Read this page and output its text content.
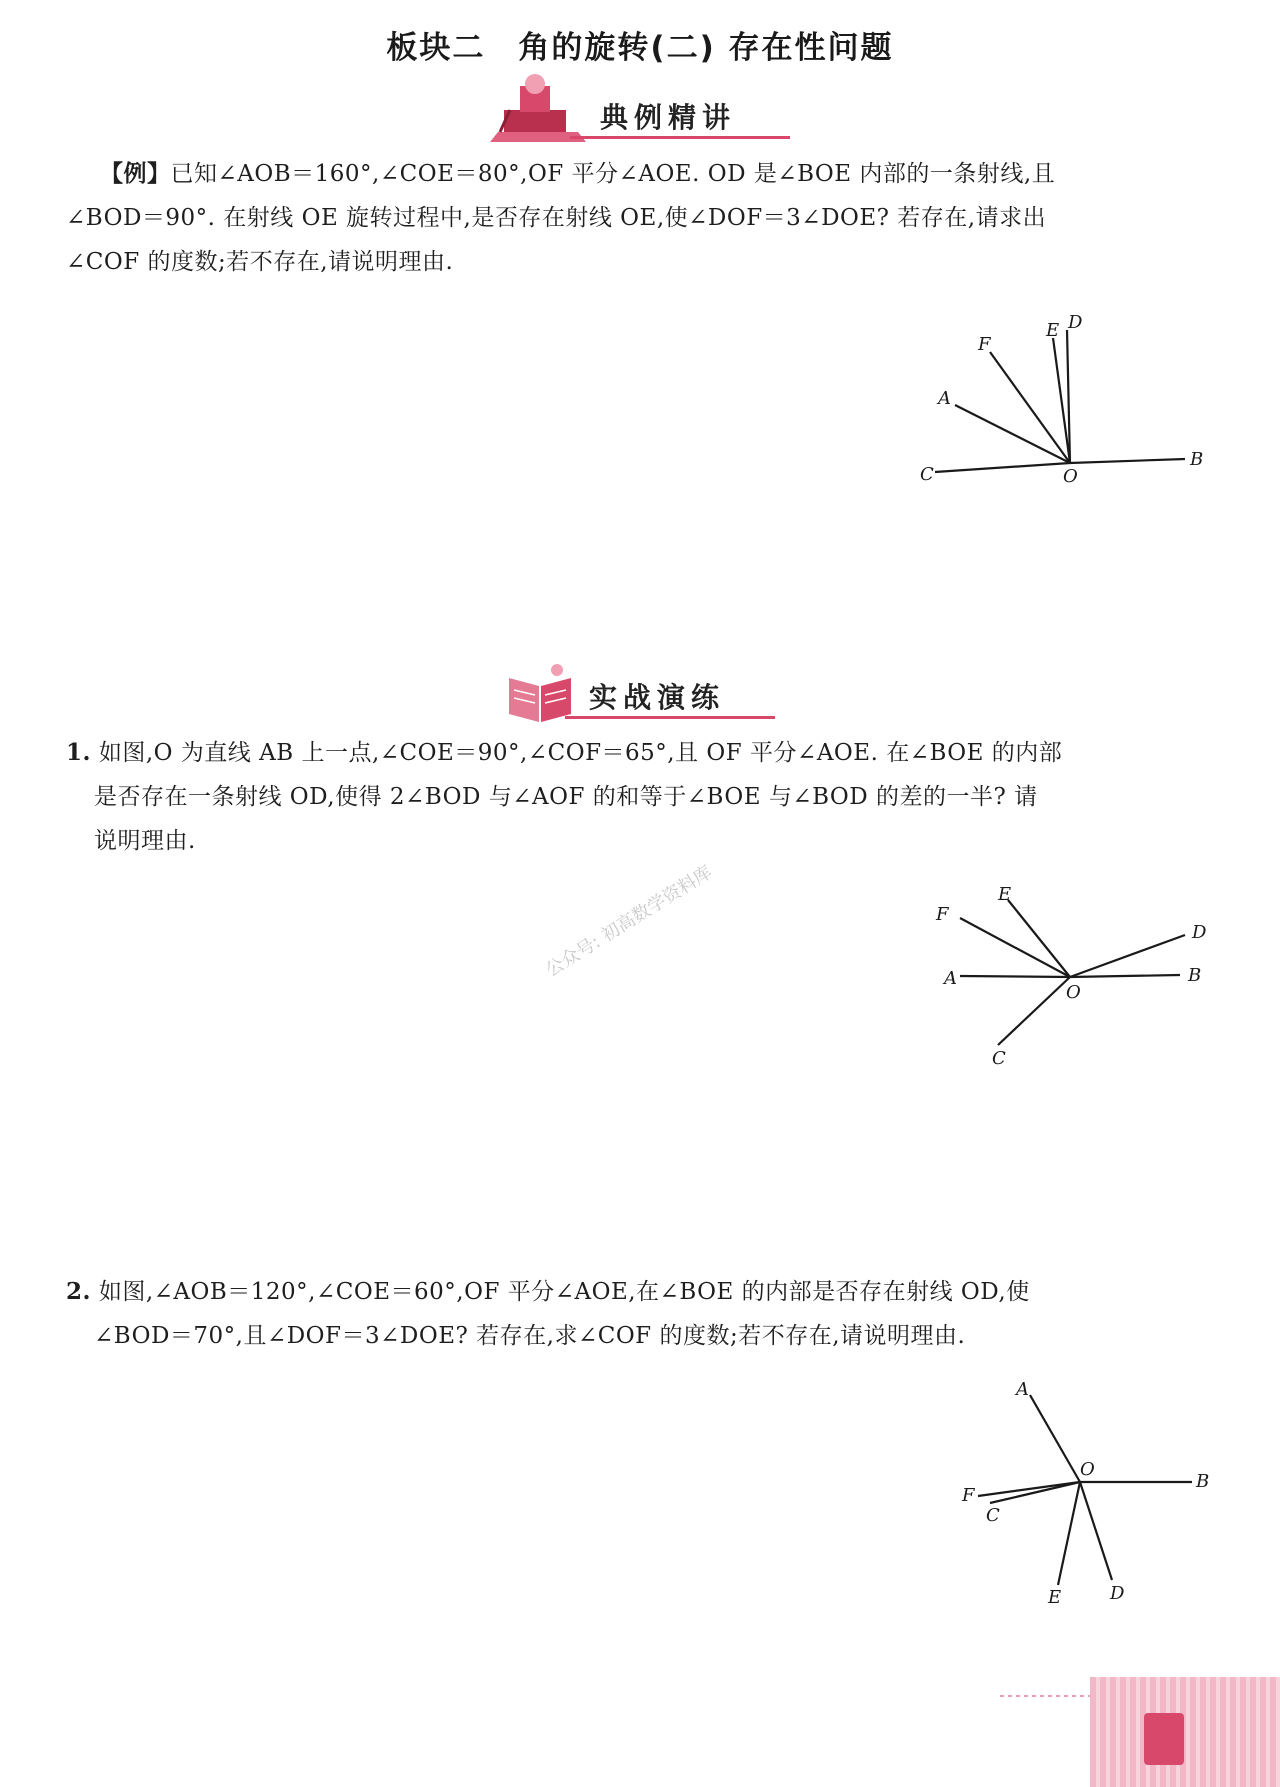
板块二　角的旋转(二) 存在性问题
典例精讲
【例】已知∠AOB＝160°,∠COE＝80°,OF 平分∠AOE. OD 是∠BOE 内部的一条射线,且
∠BOD＝90°. 在射线 OE 旋转过程中,是否存在射线 OE,使∠DOF＝3∠DOE? 若存在,请求出
∠COF 的度数;若不存在,请说明理由.
F
E D
A
C	O
B
实战演练
1. 如图,O 为直线 AB 上一点,∠COE＝90°,∠COF＝65°,且 OF 平分∠AOE. 在∠BOE 的内部
是否存在一条射线 OD,使得 2∠BOD 与∠AOF 的和等于∠BOE 与∠BOD 的差的一半? 请
说明理由.
公众号: 初高数学资料库	E
F
D
A
O
B
C
2. 如图,∠AOB＝120°,∠COE＝60°,OF 平分∠AOE,在∠BOE 的内部是否存在射线 OD,使
∠BOD＝70°,且∠DOF＝3∠DOE? 若存在,求∠COF 的度数;若不存在,请说明理由.
A
O
B
F
C
E	D
